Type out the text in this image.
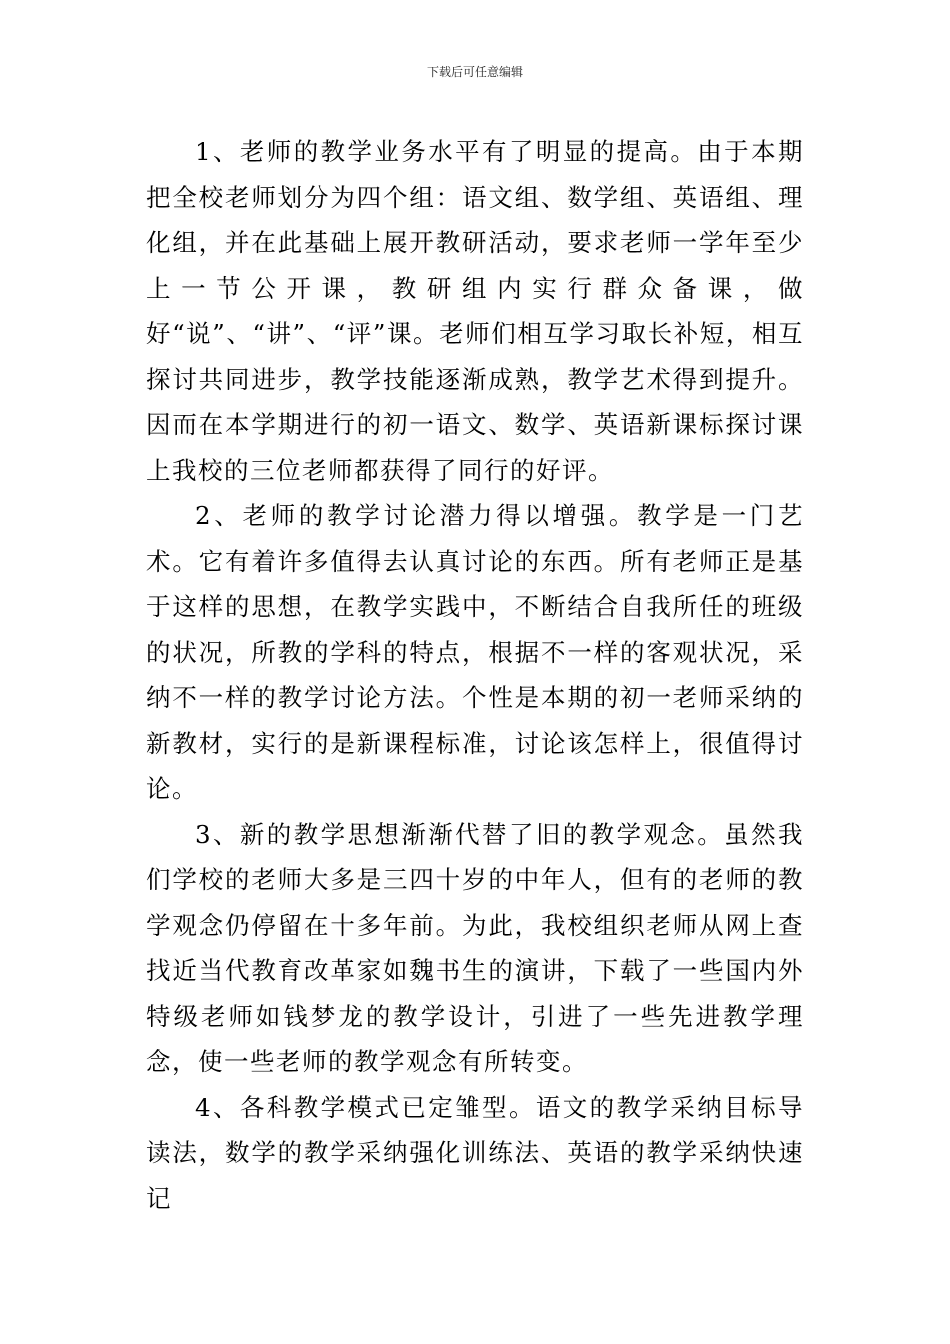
下载后可任意编辑

1、老师的教学业务水平有了明显的提高。由于本期把全校老师划分为四个组：语文组、数学组、英语组、理化组，并在此基础上展开教研活动，要求老师一学年至少上一节公开课，教研组内实行群众备课，做好“说”、“讲”、“评”课。老师们相互学习取长补短，相互探讨共同进步，教学技能逐渐成熟，教学艺术得到提升。因而在本学期进行的初一语文、数学、英语新课标探讨课上我校的三位老师都获得了同行的好评。

2、老师的教学讨论潜力得以增强。教学是一门艺术。它有着许多值得去认真讨论的东西。所有老师正是基于这样的思想，在教学实践中，不断结合自我所任的班级的状况，所教的学科的特点，根据不一样的客观状况，采纳不一样的教学讨论方法。个性是本期的初一老师采纳的新教材，实行的是新课程标准，讨论该怎样上，很值得讨论。

3、新的教学思想渐渐代替了旧的教学观念。虽然我们学校的老师大多是三四十岁的中年人，但有的老师的教学观念仍停留在十多年前。为此，我校组织老师从网上查找近当代教育改革家如魏书生的演讲，下载了一些国内外特级老师如钱梦龙的教学设计，引进了一些先进教学理念，使一些老师的教学观念有所转变。

4、各科教学模式已定雏型。语文的教学采纳目标导读法，数学的教学采纳强化训练法、英语的教学采纳快速记
